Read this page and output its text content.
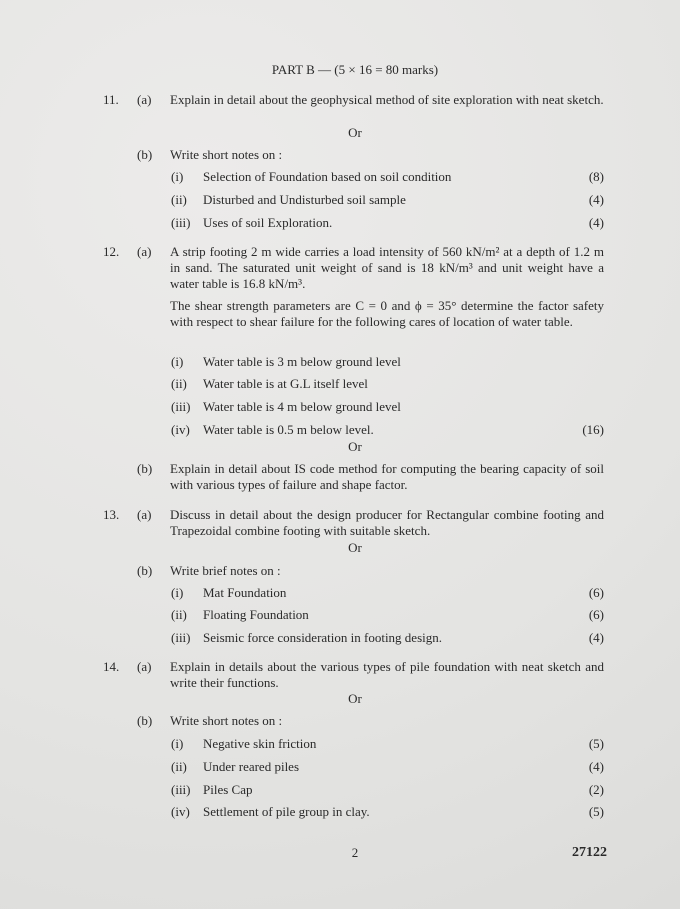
PART B — (5 × 16 = 80 marks)
11.	(a) Explain in detail about the geophysical method of site exploration with neat sketch.
(b) Write short notes on :
(i) Selection of Foundation based on soil condition	(8)
(ii) Disturbed and Undisturbed soil sample	(4)
(iii) Uses of soil Exploration.	(4)
Or
12. (a) A strip footing 2 m wide carries a load intensity of 560 kN/m² at a depth of 1.2 m in sand. The saturated unit weight of sand is 18 kN/m³ and unit weight have a water table is 16.8 kN/m³.
The shear strength parameters are C = 0 and ϕ = 35° determine the factor safety with respect to shear failure for the following cares of location of water table.
(i) Water table is 3 m below ground level
(ii) Water table is at G.L itself level
(iii) Water table is 4 m below ground level
(iv) Water table is 0.5 m below level.	(16)
(b) Explain in detail about IS code method for computing the bearing capacity of soil with various types of failure and shape factor.
Or
13. (a) Discuss in detail about the design producer for Rectangular combine footing and Trapezoidal combine footing with suitable sketch.
(b) Write brief notes on :
(i) Mat Foundation	(6)
(ii) Floating Foundation	(6)
(iii) Seismic force consideration in footing design.	(4)
Or
14. (a) Explain in details about the various types of pile foundation with neat sketch and write their functions.
(b) Write short notes on :
(i) Negative skin friction	(5)
(ii) Under reared piles	(4)
(iii) Piles Cap	(2)
(iv) Settlement of pile group in clay.	(5)
Or
2	27122
